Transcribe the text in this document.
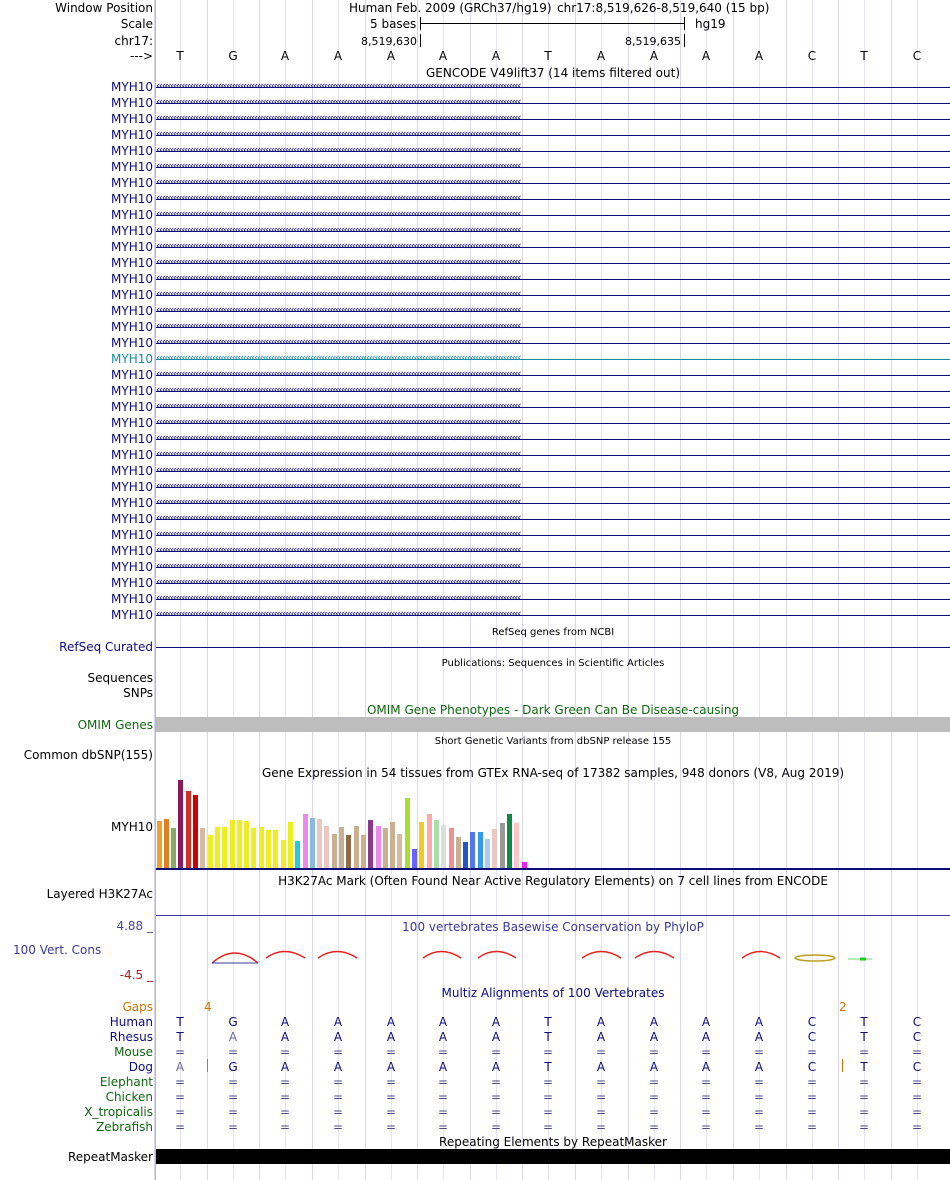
Window Position
Scale
chr17:
--->
Human Feb. 2009 (GRCh37/hg19) chr17:8,519,626-8,519,640 (15 bp)
5 bases	hg19
8,519,630	8,519,635
T	G	A	A	A	A	A	T	A	A	A	A	C	T	C
GENCODE V49lift37 (14 items filtered out)
MYH10 ‹‹‹‹‹‹‹‹‹‹‹‹‹‹‹‹‹‹‹‹‹‹‹‹‹‹‹‹‹‹‹‹‹‹‹‹‹‹‹‹‹‹‹‹‹‹‹‹‹‹‹‹‹‹‹‹‹‹‹‹‹‹‹‹‹‹‹‹‹‹‹‹‹‹‹‹‹‹‹‹‹‹‹‹‹‹‹‹‹‹‹‹‹‹‹‹‹‹‹‹‹‹‹‹‹‹‹‹‹‹‹‹‹‹‹‹‹‹‹‹‹‹‹‹‹‹‹‹‹‹
MYH10 ‹‹‹‹‹‹‹‹‹‹‹‹‹‹‹‹‹‹‹‹‹‹‹‹‹‹‹‹‹‹‹‹‹‹‹‹‹‹‹‹‹‹‹‹‹‹‹‹‹‹‹‹‹‹‹‹‹‹‹‹‹‹‹‹‹‹‹‹‹‹‹‹‹‹‹‹‹‹‹‹‹‹‹‹‹‹‹‹‹‹‹‹‹‹‹‹‹‹‹‹‹‹‹‹‹‹‹‹‹‹‹‹‹‹‹‹‹‹‹‹‹‹‹‹‹‹‹‹‹‹
MYH10 ‹‹‹‹‹‹‹‹‹‹‹‹‹‹‹‹‹‹‹‹‹‹‹‹‹‹‹‹‹‹‹‹‹‹‹‹‹‹‹‹‹‹‹‹‹‹‹‹‹‹‹‹‹‹‹‹‹‹‹‹‹‹‹‹‹‹‹‹‹‹‹‹‹‹‹‹‹‹‹‹‹‹‹‹‹‹‹‹‹‹‹‹‹‹‹‹‹‹‹‹‹‹‹‹‹‹‹‹‹‹‹‹‹‹‹‹‹‹‹‹‹‹‹‹‹‹‹‹‹‹
MYH10 ‹‹‹‹‹‹‹‹‹‹‹‹‹‹‹‹‹‹‹‹‹‹‹‹‹‹‹‹‹‹‹‹‹‹‹‹‹‹‹‹‹‹‹‹‹‹‹‹‹‹‹‹‹‹‹‹‹‹‹‹‹‹‹‹‹‹‹‹‹‹‹‹‹‹‹‹‹‹‹‹‹‹‹‹‹‹‹‹‹‹‹‹‹‹‹‹‹‹‹‹‹‹‹‹‹‹‹‹‹‹‹‹‹‹‹‹‹‹‹‹‹‹‹‹‹‹‹‹‹‹
MYH10 ‹‹‹‹‹‹‹‹‹‹‹‹‹‹‹‹‹‹‹‹‹‹‹‹‹‹‹‹‹‹‹‹‹‹‹‹‹‹‹‹‹‹‹‹‹‹‹‹‹‹‹‹‹‹‹‹‹‹‹‹‹‹‹‹‹‹‹‹‹‹‹‹‹‹‹‹‹‹‹‹‹‹‹‹‹‹‹‹‹‹‹‹‹‹‹‹‹‹‹‹‹‹‹‹‹‹‹‹‹‹‹‹‹‹‹‹‹‹‹‹‹‹‹‹‹‹‹‹‹‹
MYH10 ‹‹‹‹‹‹‹‹‹‹‹‹‹‹‹‹‹‹‹‹‹‹‹‹‹‹‹‹‹‹‹‹‹‹‹‹‹‹‹‹‹‹‹‹‹‹‹‹‹‹‹‹‹‹‹‹‹‹‹‹‹‹‹‹‹‹‹‹‹‹‹‹‹‹‹‹‹‹‹‹‹‹‹‹‹‹‹‹‹‹‹‹‹‹‹‹‹‹‹‹‹‹‹‹‹‹‹‹‹‹‹‹‹‹‹‹‹‹‹‹‹‹‹‹‹‹‹‹‹‹
MYH10 ‹‹‹‹‹‹‹‹‹‹‹‹‹‹‹‹‹‹‹‹‹‹‹‹‹‹‹‹‹‹‹‹‹‹‹‹‹‹‹‹‹‹‹‹‹‹‹‹‹‹‹‹‹‹‹‹‹‹‹‹‹‹‹‹‹‹‹‹‹‹‹‹‹‹‹‹‹‹‹‹‹‹‹‹‹‹‹‹‹‹‹‹‹‹‹‹‹‹‹‹‹‹‹‹‹‹‹‹‹‹‹‹‹‹‹‹‹‹‹‹‹‹‹‹‹‹‹‹‹‹
MYH10 ‹‹‹‹‹‹‹‹‹‹‹‹‹‹‹‹‹‹‹‹‹‹‹‹‹‹‹‹‹‹‹‹‹‹‹‹‹‹‹‹‹‹‹‹‹‹‹‹‹‹‹‹‹‹‹‹‹‹‹‹‹‹‹‹‹‹‹‹‹‹‹‹‹‹‹‹‹‹‹‹‹‹‹‹‹‹‹‹‹‹‹‹‹‹‹‹‹‹‹‹‹‹‹‹‹‹‹‹‹‹‹‹‹‹‹‹‹‹‹‹‹‹‹‹‹‹‹‹‹‹
MYH10 ‹‹‹‹‹‹‹‹‹‹‹‹‹‹‹‹‹‹‹‹‹‹‹‹‹‹‹‹‹‹‹‹‹‹‹‹‹‹‹‹‹‹‹‹‹‹‹‹‹‹‹‹‹‹‹‹‹‹‹‹‹‹‹‹‹‹‹‹‹‹‹‹‹‹‹‹‹‹‹‹‹‹‹‹‹‹‹‹‹‹‹‹‹‹‹‹‹‹‹‹‹‹‹‹‹‹‹‹‹‹‹‹‹‹‹‹‹‹‹‹‹‹‹‹‹‹‹‹‹‹
MYH10 ‹‹‹‹‹‹‹‹‹‹‹‹‹‹‹‹‹‹‹‹‹‹‹‹‹‹‹‹‹‹‹‹‹‹‹‹‹‹‹‹‹‹‹‹‹‹‹‹‹‹‹‹‹‹‹‹‹‹‹‹‹‹‹‹‹‹‹‹‹‹‹‹‹‹‹‹‹‹‹‹‹‹‹‹‹‹‹‹‹‹‹‹‹‹‹‹‹‹‹‹‹‹‹‹‹‹‹‹‹‹‹‹‹‹‹‹‹‹‹‹‹‹‹‹‹‹‹‹‹‹
MYH10 ‹‹‹‹‹‹‹‹‹‹‹‹‹‹‹‹‹‹‹‹‹‹‹‹‹‹‹‹‹‹‹‹‹‹‹‹‹‹‹‹‹‹‹‹‹‹‹‹‹‹‹‹‹‹‹‹‹‹‹‹‹‹‹‹‹‹‹‹‹‹‹‹‹‹‹‹‹‹‹‹‹‹‹‹‹‹‹‹‹‹‹‹‹‹‹‹‹‹‹‹‹‹‹‹‹‹‹‹‹‹‹‹‹‹‹‹‹‹‹‹‹‹‹‹‹‹‹‹‹‹
MYH10 ‹‹‹‹‹‹‹‹‹‹‹‹‹‹‹‹‹‹‹‹‹‹‹‹‹‹‹‹‹‹‹‹‹‹‹‹‹‹‹‹‹‹‹‹‹‹‹‹‹‹‹‹‹‹‹‹‹‹‹‹‹‹‹‹‹‹‹‹‹‹‹‹‹‹‹‹‹‹‹‹‹‹‹‹‹‹‹‹‹‹‹‹‹‹‹‹‹‹‹‹‹‹‹‹‹‹‹‹‹‹‹‹‹‹‹‹‹‹‹‹‹‹‹‹‹‹‹‹‹‹
MYH10 ‹‹‹‹‹‹‹‹‹‹‹‹‹‹‹‹‹‹‹‹‹‹‹‹‹‹‹‹‹‹‹‹‹‹‹‹‹‹‹‹‹‹‹‹‹‹‹‹‹‹‹‹‹‹‹‹‹‹‹‹‹‹‹‹‹‹‹‹‹‹‹‹‹‹‹‹‹‹‹‹‹‹‹‹‹‹‹‹‹‹‹‹‹‹‹‹‹‹‹‹‹‹‹‹‹‹‹‹‹‹‹‹‹‹‹‹‹‹‹‹‹‹‹‹‹‹‹‹‹‹
MYH10 ‹‹‹‹‹‹‹‹‹‹‹‹‹‹‹‹‹‹‹‹‹‹‹‹‹‹‹‹‹‹‹‹‹‹‹‹‹‹‹‹‹‹‹‹‹‹‹‹‹‹‹‹‹‹‹‹‹‹‹‹‹‹‹‹‹‹‹‹‹‹‹‹‹‹‹‹‹‹‹‹‹‹‹‹‹‹‹‹‹‹‹‹‹‹‹‹‹‹‹‹‹‹‹‹‹‹‹‹‹‹‹‹‹‹‹‹‹‹‹‹‹‹‹‹‹‹‹‹‹‹
MYH10 ‹‹‹‹‹‹‹‹‹‹‹‹‹‹‹‹‹‹‹‹‹‹‹‹‹‹‹‹‹‹‹‹‹‹‹‹‹‹‹‹‹‹‹‹‹‹‹‹‹‹‹‹‹‹‹‹‹‹‹‹‹‹‹‹‹‹‹‹‹‹‹‹‹‹‹‹‹‹‹‹‹‹‹‹‹‹‹‹‹‹‹‹‹‹‹‹‹‹‹‹‹‹‹‹‹‹‹‹‹‹‹‹‹‹‹‹‹‹‹‹‹‹‹‹‹‹‹‹‹‹
MYH10 ‹‹‹‹‹‹‹‹‹‹‹‹‹‹‹‹‹‹‹‹‹‹‹‹‹‹‹‹‹‹‹‹‹‹‹‹‹‹‹‹‹‹‹‹‹‹‹‹‹‹‹‹‹‹‹‹‹‹‹‹‹‹‹‹‹‹‹‹‹‹‹‹‹‹‹‹‹‹‹‹‹‹‹‹‹‹‹‹‹‹‹‹‹‹‹‹‹‹‹‹‹‹‹‹‹‹‹‹‹‹‹‹‹‹‹‹‹‹‹‹‹‹‹‹‹‹‹‹‹‹
MYH10 ‹‹‹‹‹‹‹‹‹‹‹‹‹‹‹‹‹‹‹‹‹‹‹‹‹‹‹‹‹‹‹‹‹‹‹‹‹‹‹‹‹‹‹‹‹‹‹‹‹‹‹‹‹‹‹‹‹‹‹‹‹‹‹‹‹‹‹‹‹‹‹‹‹‹‹‹‹‹‹‹‹‹‹‹‹‹‹‹‹‹‹‹‹‹‹‹‹‹‹‹‹‹‹‹‹‹‹‹‹‹‹‹‹‹‹‹‹‹‹‹‹‹‹‹‹‹‹‹‹‹
MYH10 ‹‹‹‹‹‹‹‹‹‹‹‹‹‹‹‹‹‹‹‹‹‹‹‹‹‹‹‹‹‹‹‹‹‹‹‹‹‹‹‹‹‹‹‹‹‹‹‹‹‹‹‹‹‹‹‹‹‹‹‹‹‹‹‹‹‹‹‹‹‹‹‹‹‹‹‹‹‹‹‹‹‹‹‹‹‹‹‹‹‹‹‹‹‹‹‹‹‹‹‹‹‹‹‹‹‹‹‹‹‹‹‹‹‹‹‹‹‹‹‹‹‹‹‹‹‹‹‹‹‹
MYH10 ‹‹‹‹‹‹‹‹‹‹‹‹‹‹‹‹‹‹‹‹‹‹‹‹‹‹‹‹‹‹‹‹‹‹‹‹‹‹‹‹‹‹‹‹‹‹‹‹‹‹‹‹‹‹‹‹‹‹‹‹‹‹‹‹‹‹‹‹‹‹‹‹‹‹‹‹‹‹‹‹‹‹‹‹‹‹‹‹‹‹‹‹‹‹‹‹‹‹‹‹‹‹‹‹‹‹‹‹‹‹‹‹‹‹‹‹‹‹‹‹‹‹‹‹‹‹‹‹‹‹
MYH10 ‹‹‹‹‹‹‹‹‹‹‹‹‹‹‹‹‹‹‹‹‹‹‹‹‹‹‹‹‹‹‹‹‹‹‹‹‹‹‹‹‹‹‹‹‹‹‹‹‹‹‹‹‹‹‹‹‹‹‹‹‹‹‹‹‹‹‹‹‹‹‹‹‹‹‹‹‹‹‹‹‹‹‹‹‹‹‹‹‹‹‹‹‹‹‹‹‹‹‹‹‹‹‹‹‹‹‹‹‹‹‹‹‹‹‹‹‹‹‹‹‹‹‹‹‹‹‹‹‹‹
MYH10 ‹‹‹‹‹‹‹‹‹‹‹‹‹‹‹‹‹‹‹‹‹‹‹‹‹‹‹‹‹‹‹‹‹‹‹‹‹‹‹‹‹‹‹‹‹‹‹‹‹‹‹‹‹‹‹‹‹‹‹‹‹‹‹‹‹‹‹‹‹‹‹‹‹‹‹‹‹‹‹‹‹‹‹‹‹‹‹‹‹‹‹‹‹‹‹‹‹‹‹‹‹‹‹‹‹‹‹‹‹‹‹‹‹‹‹‹‹‹‹‹‹‹‹‹‹‹‹‹‹‹
MYH10 ‹‹‹‹‹‹‹‹‹‹‹‹‹‹‹‹‹‹‹‹‹‹‹‹‹‹‹‹‹‹‹‹‹‹‹‹‹‹‹‹‹‹‹‹‹‹‹‹‹‹‹‹‹‹‹‹‹‹‹‹‹‹‹‹‹‹‹‹‹‹‹‹‹‹‹‹‹‹‹‹‹‹‹‹‹‹‹‹‹‹‹‹‹‹‹‹‹‹‹‹‹‹‹‹‹‹‹‹‹‹‹‹‹‹‹‹‹‹‹‹‹‹‹‹‹‹‹‹‹‹
MYH10 ‹‹‹‹‹‹‹‹‹‹‹‹‹‹‹‹‹‹‹‹‹‹‹‹‹‹‹‹‹‹‹‹‹‹‹‹‹‹‹‹‹‹‹‹‹‹‹‹‹‹‹‹‹‹‹‹‹‹‹‹‹‹‹‹‹‹‹‹‹‹‹‹‹‹‹‹‹‹‹‹‹‹‹‹‹‹‹‹‹‹‹‹‹‹‹‹‹‹‹‹‹‹‹‹‹‹‹‹‹‹‹‹‹‹‹‹‹‹‹‹‹‹‹‹‹‹‹‹‹‹
MYH10 ‹‹‹‹‹‹‹‹‹‹‹‹‹‹‹‹‹‹‹‹‹‹‹‹‹‹‹‹‹‹‹‹‹‹‹‹‹‹‹‹‹‹‹‹‹‹‹‹‹‹‹‹‹‹‹‹‹‹‹‹‹‹‹‹‹‹‹‹‹‹‹‹‹‹‹‹‹‹‹‹‹‹‹‹‹‹‹‹‹‹‹‹‹‹‹‹‹‹‹‹‹‹‹‹‹‹‹‹‹‹‹‹‹‹‹‹‹‹‹‹‹‹‹‹‹‹‹‹‹‹
MYH10 ‹‹‹‹‹‹‹‹‹‹‹‹‹‹‹‹‹‹‹‹‹‹‹‹‹‹‹‹‹‹‹‹‹‹‹‹‹‹‹‹‹‹‹‹‹‹‹‹‹‹‹‹‹‹‹‹‹‹‹‹‹‹‹‹‹‹‹‹‹‹‹‹‹‹‹‹‹‹‹‹‹‹‹‹‹‹‹‹‹‹‹‹‹‹‹‹‹‹‹‹‹‹‹‹‹‹‹‹‹‹‹‹‹‹‹‹‹‹‹‹‹‹‹‹‹‹‹‹‹‹
MYH10 ‹‹‹‹‹‹‹‹‹‹‹‹‹‹‹‹‹‹‹‹‹‹‹‹‹‹‹‹‹‹‹‹‹‹‹‹‹‹‹‹‹‹‹‹‹‹‹‹‹‹‹‹‹‹‹‹‹‹‹‹‹‹‹‹‹‹‹‹‹‹‹‹‹‹‹‹‹‹‹‹‹‹‹‹‹‹‹‹‹‹‹‹‹‹‹‹‹‹‹‹‹‹‹‹‹‹‹‹‹‹‹‹‹‹‹‹‹‹‹‹‹‹‹‹‹‹‹‹‹‹
MYH10 ‹‹‹‹‹‹‹‹‹‹‹‹‹‹‹‹‹‹‹‹‹‹‹‹‹‹‹‹‹‹‹‹‹‹‹‹‹‹‹‹‹‹‹‹‹‹‹‹‹‹‹‹‹‹‹‹‹‹‹‹‹‹‹‹‹‹‹‹‹‹‹‹‹‹‹‹‹‹‹‹‹‹‹‹‹‹‹‹‹‹‹‹‹‹‹‹‹‹‹‹‹‹‹‹‹‹‹‹‹‹‹‹‹‹‹‹‹‹‹‹‹‹‹‹‹‹‹‹‹‹
MYH10 ‹‹‹‹‹‹‹‹‹‹‹‹‹‹‹‹‹‹‹‹‹‹‹‹‹‹‹‹‹‹‹‹‹‹‹‹‹‹‹‹‹‹‹‹‹‹‹‹‹‹‹‹‹‹‹‹‹‹‹‹‹‹‹‹‹‹‹‹‹‹‹‹‹‹‹‹‹‹‹‹‹‹‹‹‹‹‹‹‹‹‹‹‹‹‹‹‹‹‹‹‹‹‹‹‹‹‹‹‹‹‹‹‹‹‹‹‹‹‹‹‹‹‹‹‹‹‹‹‹‹
MYH10 ‹‹‹‹‹‹‹‹‹‹‹‹‹‹‹‹‹‹‹‹‹‹‹‹‹‹‹‹‹‹‹‹‹‹‹‹‹‹‹‹‹‹‹‹‹‹‹‹‹‹‹‹‹‹‹‹‹‹‹‹‹‹‹‹‹‹‹‹‹‹‹‹‹‹‹‹‹‹‹‹‹‹‹‹‹‹‹‹‹‹‹‹‹‹‹‹‹‹‹‹‹‹‹‹‹‹‹‹‹‹‹‹‹‹‹‹‹‹‹‹‹‹‹‹‹‹‹‹‹‹
MYH10 ‹‹‹‹‹‹‹‹‹‹‹‹‹‹‹‹‹‹‹‹‹‹‹‹‹‹‹‹‹‹‹‹‹‹‹‹‹‹‹‹‹‹‹‹‹‹‹‹‹‹‹‹‹‹‹‹‹‹‹‹‹‹‹‹‹‹‹‹‹‹‹‹‹‹‹‹‹‹‹‹‹‹‹‹‹‹‹‹‹‹‹‹‹‹‹‹‹‹‹‹‹‹‹‹‹‹‹‹‹‹‹‹‹‹‹‹‹‹‹‹‹‹‹‹‹‹‹‹‹‹
MYH10 ‹‹‹‹‹‹‹‹‹‹‹‹‹‹‹‹‹‹‹‹‹‹‹‹‹‹‹‹‹‹‹‹‹‹‹‹‹‹‹‹‹‹‹‹‹‹‹‹‹‹‹‹‹‹‹‹‹‹‹‹‹‹‹‹‹‹‹‹‹‹‹‹‹‹‹‹‹‹‹‹‹‹‹‹‹‹‹‹‹‹‹‹‹‹‹‹‹‹‹‹‹‹‹‹‹‹‹‹‹‹‹‹‹‹‹‹‹‹‹‹‹‹‹‹‹‹‹‹‹‹
MYH10 ‹‹‹‹‹‹‹‹‹‹‹‹‹‹‹‹‹‹‹‹‹‹‹‹‹‹‹‹‹‹‹‹‹‹‹‹‹‹‹‹‹‹‹‹‹‹‹‹‹‹‹‹‹‹‹‹‹‹‹‹‹‹‹‹‹‹‹‹‹‹‹‹‹‹‹‹‹‹‹‹‹‹‹‹‹‹‹‹‹‹‹‹‹‹‹‹‹‹‹‹‹‹‹‹‹‹‹‹‹‹‹‹‹‹‹‹‹‹‹‹‹‹‹‹‹‹‹‹‹‹
MYH10 ‹‹‹‹‹‹‹‹‹‹‹‹‹‹‹‹‹‹‹‹‹‹‹‹‹‹‹‹‹‹‹‹‹‹‹‹‹‹‹‹‹‹‹‹‹‹‹‹‹‹‹‹‹‹‹‹‹‹‹‹‹‹‹‹‹‹‹‹‹‹‹‹‹‹‹‹‹‹‹‹‹‹‹‹‹‹‹‹‹‹‹‹‹‹‹‹‹‹‹‹‹‹‹‹‹‹‹‹‹‹‹‹‹‹‹‹‹‹‹‹‹‹‹‹‹‹‹‹‹‹
MYH10 ‹‹‹‹‹‹‹‹‹‹‹‹‹‹‹‹‹‹‹‹‹‹‹‹‹‹‹‹‹‹‹‹‹‹‹‹‹‹‹‹‹‹‹‹‹‹‹‹‹‹‹‹‹‹‹‹‹‹‹‹‹‹‹‹‹‹‹‹‹‹‹‹‹‹‹‹‹‹‹‹‹‹‹‹‹‹‹‹‹‹‹‹‹‹‹‹‹‹‹‹‹‹‹‹‹‹‹‹‹‹‹‹‹‹‹‹‹‹‹‹‹‹‹‹‹‹‹‹‹‹
RefSeq genes from NCBI
RefSeq Curated
Publications: Sequences in Scientific Articles
Sequences
SNPs
OMIM Gene Phenotypes - Dark Green Can Be Disease-causing
OMIM Genes
Short Genetic Variants from dbSNP release 155
Common dbSNP(155)
Gene Expression in 54 tissues from GTEx RNA-seq of 17382 samples, 948 donors (V8, Aug 2019)
MYH10
H3K27Ac Mark (Often Found Near Active Regulatory Elements) on 7 cell lines from ENCODE
Layered H3K27Ac
100 vertebrates Basewise Conservation by PhyloP
4.88 _
100 Vert. Cons
-4.5 _
Multiz Alignments of 100 Vertebrates
Gaps	4	2
Human	T	G	A	A	A	A	A	T	A	A	A	A	C	T	C
Rhesus	T	A	A	A	A	A	A	T	A	A	A	A	C	T	C
Mouse	=	=	=	=	=	=	=	=	=	=	=	=	=	=	=
Dog	A	G	A	A	A	A	A	T	A	A	A	A	C	T	C
Elephant	=	=	=	=	=	=	=	=	=	=	=	=	=	=	=
Chicken	=	=	=	=	=	=	=	=	=	=	=	=	=	=	=
X_tropicalis	=	=	=	=	=	=	=	=	=	=	=	=	=	=	=
Zebrafish	=	=	=	=	=	=	=	=	=	=	=	=	=	=	=
Repeating Elements by RepeatMasker
RepeatMasker
